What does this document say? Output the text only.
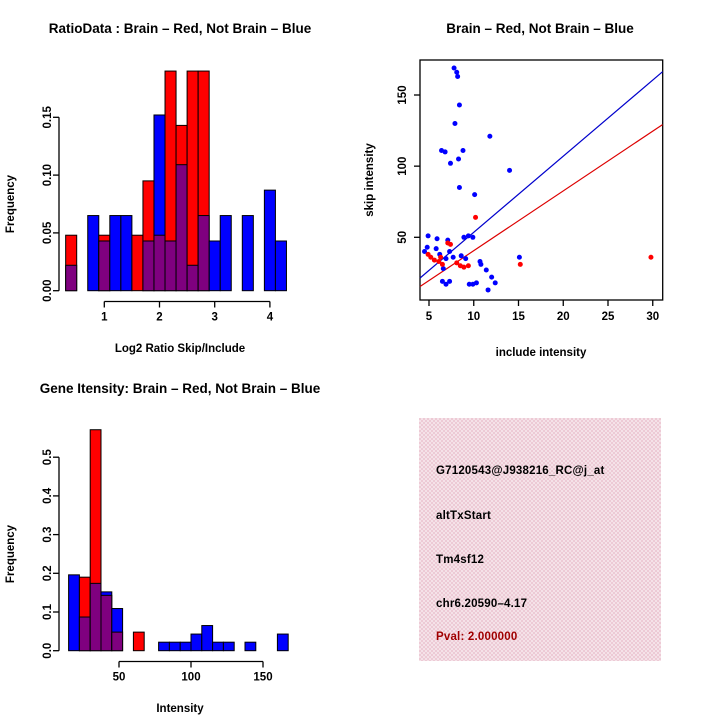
RatioData : Brain – Red, Not Brain – Blue
Log2 Ratio Skip/Include
Frequency
0.00
0.05
0.10
0.15
1	2	3	4
Brain – Red, Not Brain – Blue
include intensity
skip intensity
5	10	15	20	25	30
50
100
150
Gene Itensity: Brain – Red, Not Brain – Blue
Intensity
Frequency
0.0
0.1
0.2
0.3
0.4
0.5
50	100	150
G7120543@J938216_RC@j_at
altTxStart
Tm4sf12
chr6.20590–4.17
Pval: 2.000000
